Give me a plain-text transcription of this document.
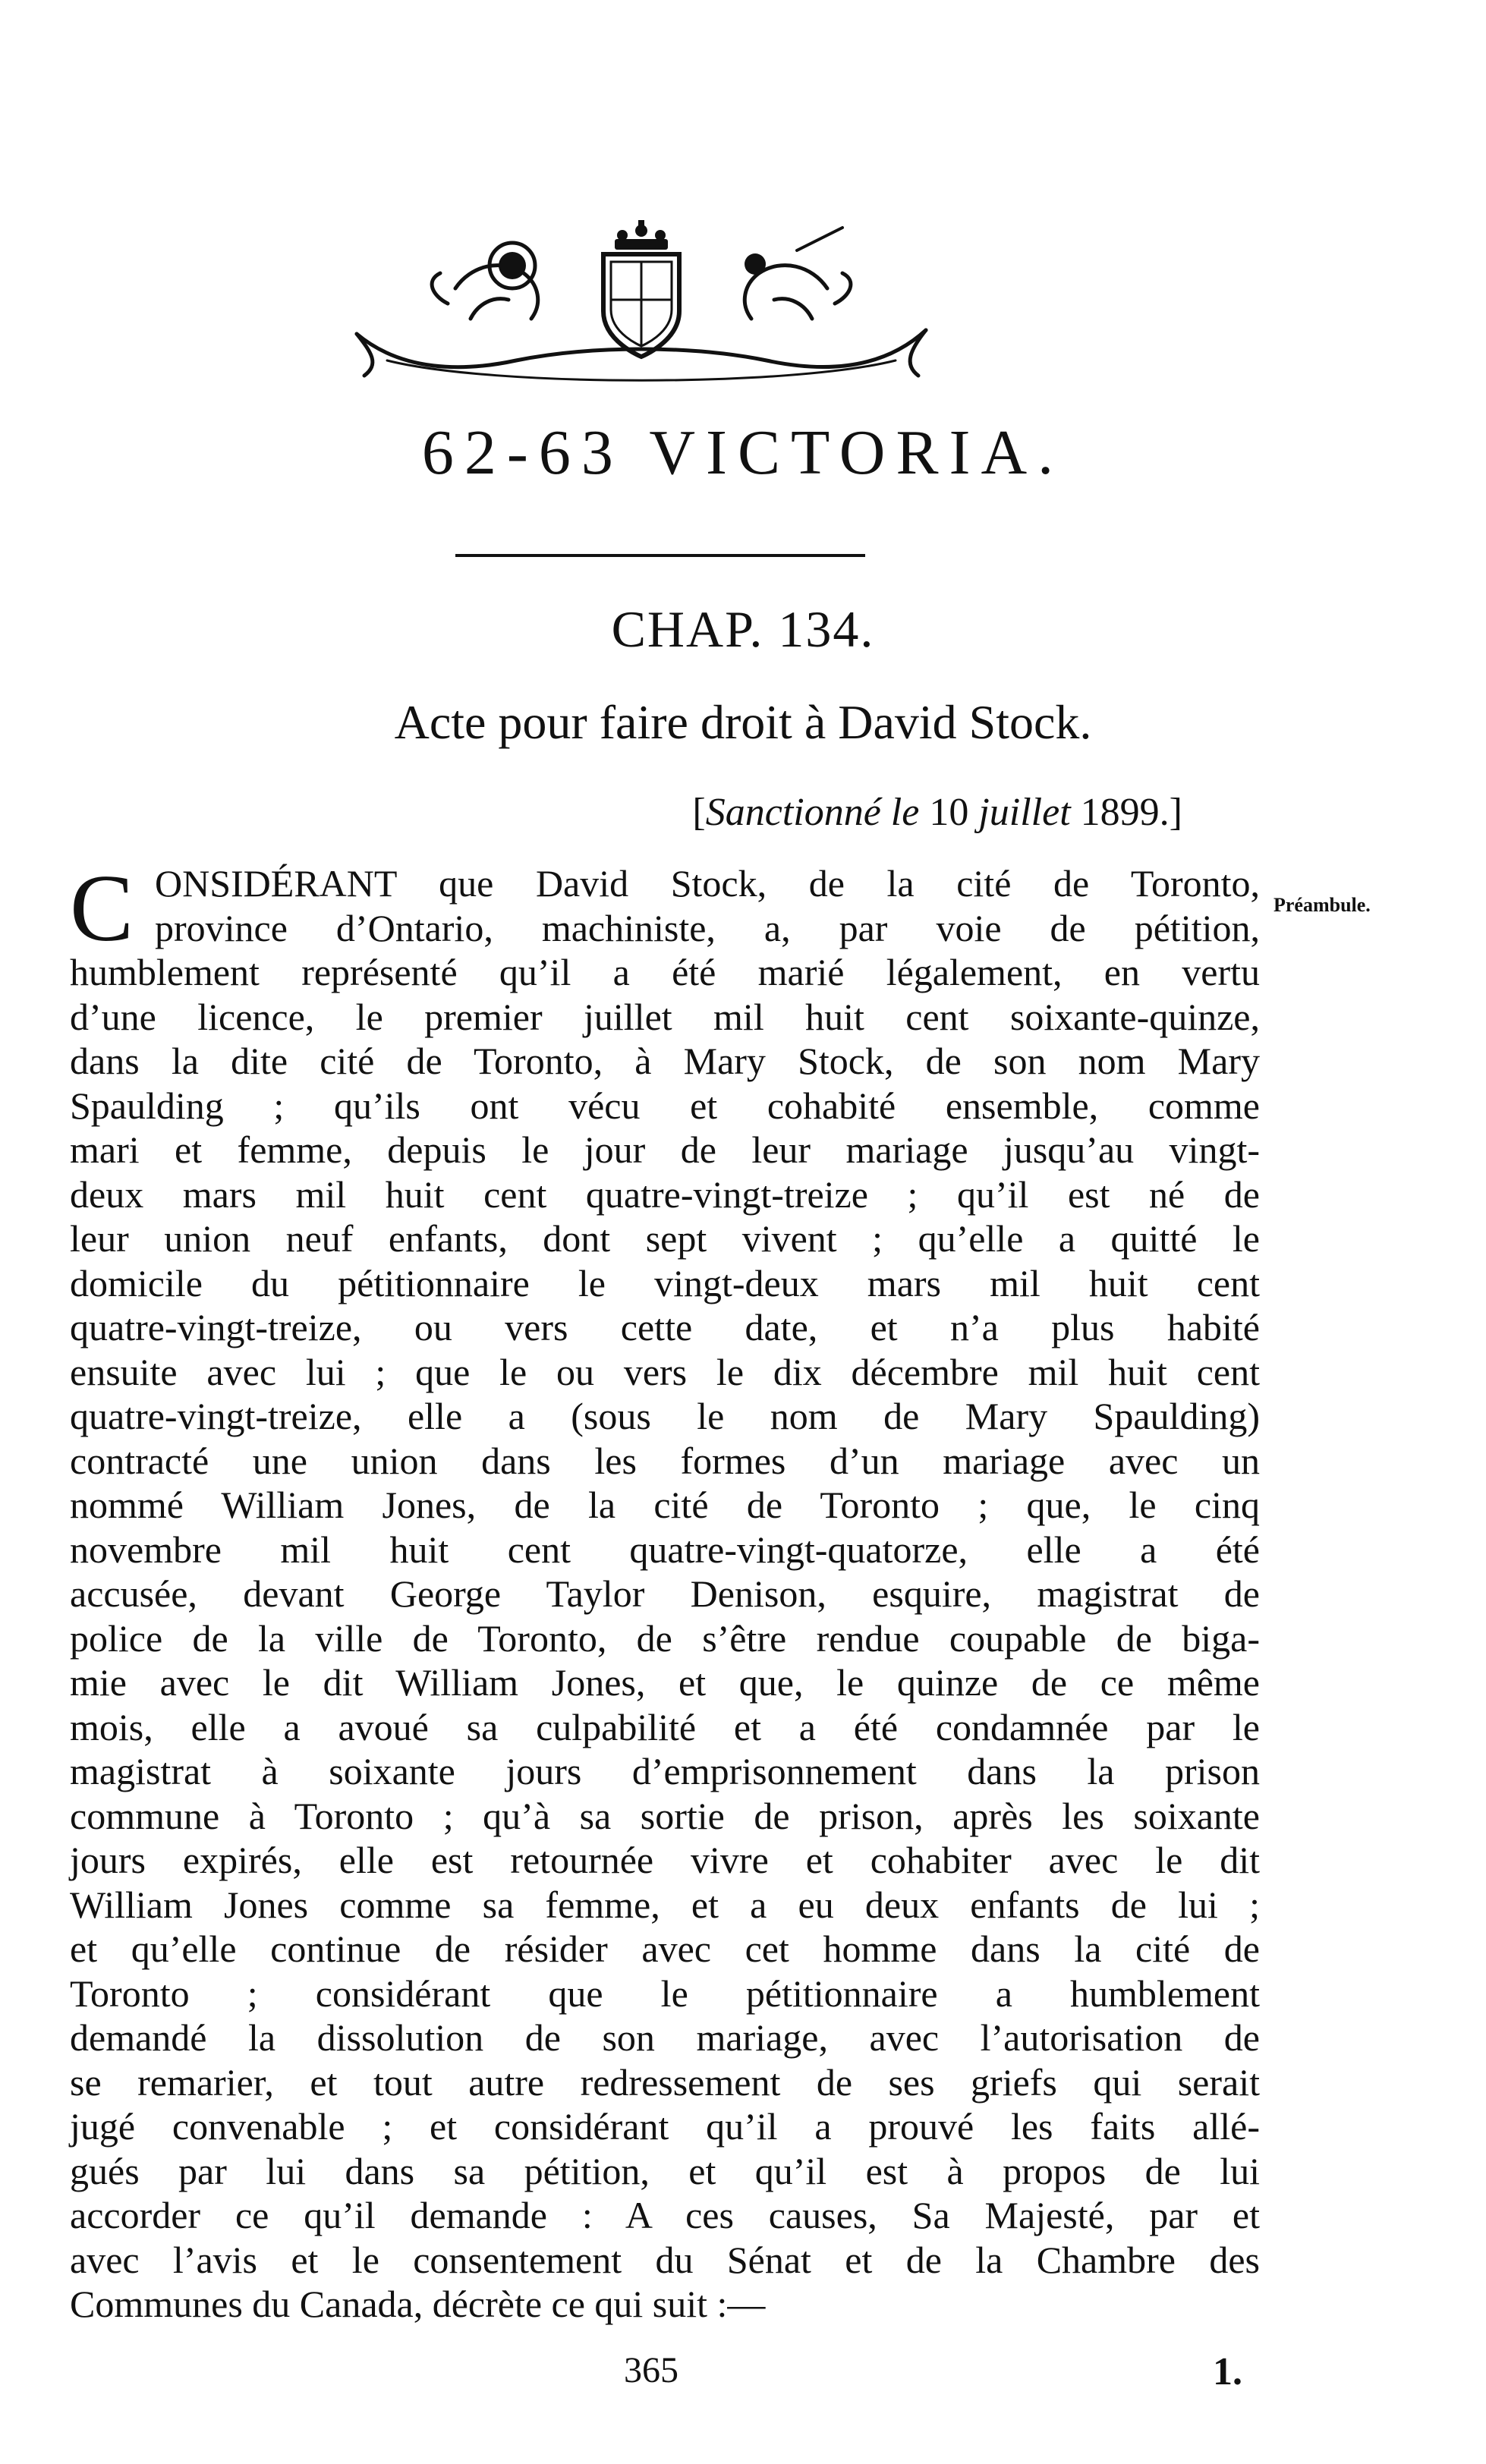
62-63 VICTORIA.
CHAP. 134.
Acte pour faire droit à David Stock.
[Sanctionné le 10 juillet 1899.]
Préambule.
C ONSIDÉRANT que David Stock, de la cité de Toronto,
province d’Ontario, machiniste, a, par voie de pétition,
humblement représenté qu’il a été marié légalement, en vertu
d’une licence, le premier juillet mil huit cent soixante-quinze,
dans la dite cité de Toronto, à Mary Stock, de son nom Mary
Spaulding ; qu’ils ont vécu et cohabité ensemble, comme
mari et femme, depuis le jour de leur mariage jusqu’au vingt-
deux mars mil huit cent quatre-vingt-treize ; qu’il est né de
leur union neuf enfants, dont sept vivent ; qu’elle a quitté le
domicile du pétitionnaire le vingt-deux mars mil huit cent
quatre-vingt-treize, ou vers cette date, et n’a plus habité
ensuite avec lui ; que le ou vers le dix décembre mil huit cent
quatre-vingt-treize, elle a (sous le nom de Mary Spaulding)
contracté une union dans les formes d’un mariage avec un
nommé William Jones, de la cité de Toronto ; que, le cinq
novembre mil huit cent quatre-vingt-quatorze, elle a été
accusée, devant George Taylor Denison, esquire, magistrat de
police de la ville de Toronto, de s’être rendue coupable de biga-
mie avec le dit William Jones, et que, le quinze de ce même
mois, elle a avoué sa culpabilité et a été condamnée par le
magistrat à soixante jours d’emprisonnement dans la prison
commune à Toronto ; qu’à sa sortie de prison, après les soixante
jours expirés, elle est retournée vivre et cohabiter avec le dit
William Jones comme sa femme, et a eu deux enfants de lui ;
et qu’elle continue de résider avec cet homme dans la cité de
Toronto ; considérant que le pétitionnaire a humblement
demandé la dissolution de son mariage, avec l’autorisation de
se remarier, et tout autre redressement de ses griefs qui serait
jugé convenable ; et considérant qu’il a prouvé les faits allé-
gués par lui dans sa pétition, et qu’il est à propos de lui
accorder ce qu’il demande : A ces causes, Sa Majesté, par et
avec l’avis et le consentement du Sénat et de la Chambre des
Communes du Canada, décrète ce qui suit :—
365	1.
